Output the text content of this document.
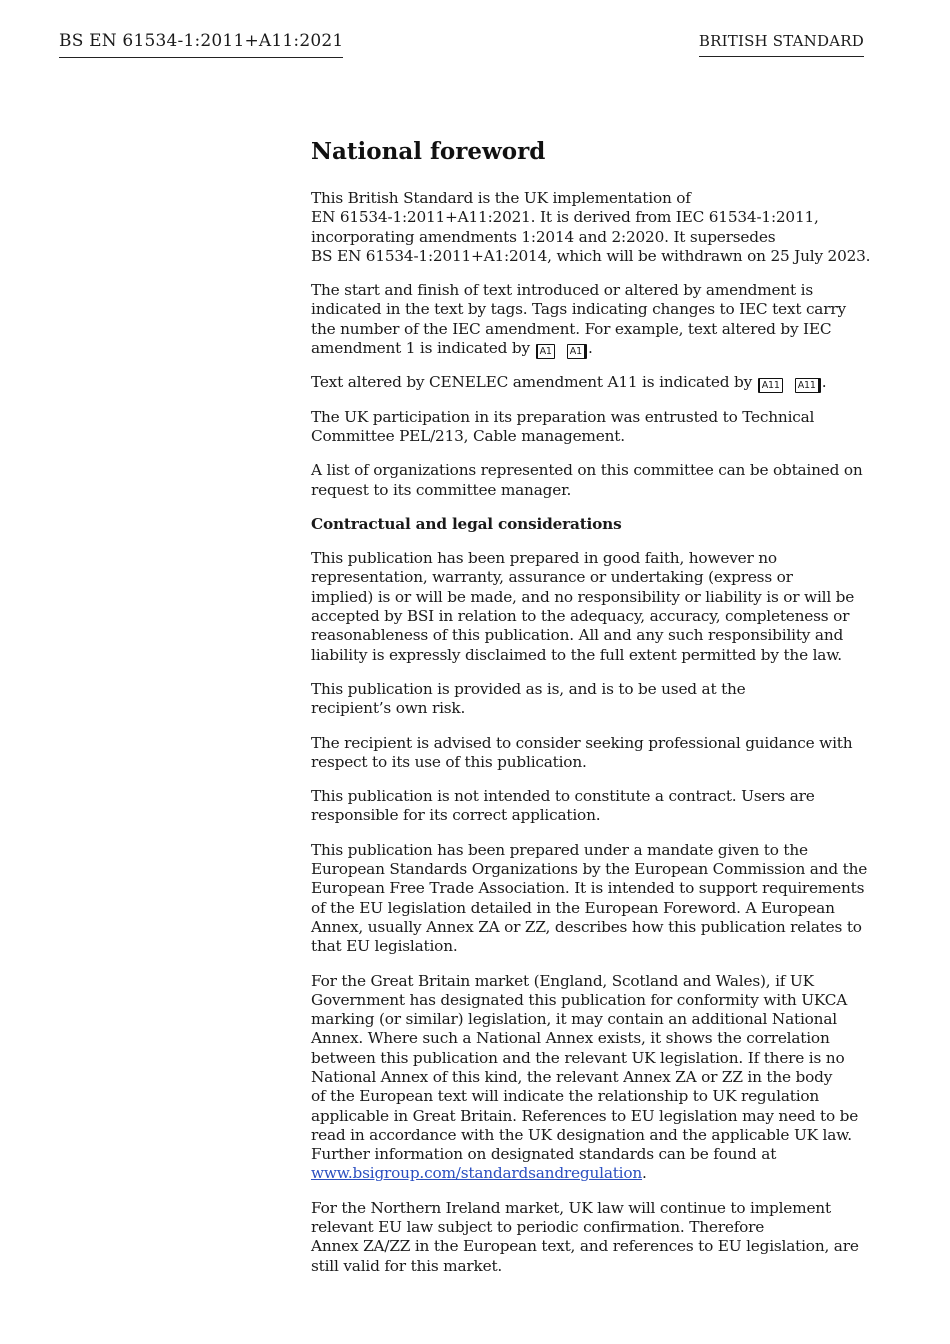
BS EN 61534-1:2011+A11:2021	BRITISH STANDARD
National foreword

This British Standard is the UK implementation of
EN 61534-1:2011+A11:2021. It is derived from IEC 61534-1:2011,
incorporating amendments 1:2014 and 2:2020. It supersedes
BS EN 61534-1:2011+A1:2014, which will be withdrawn on 25 July 2023.

The start and finish of text introduced or altered by amendment is
indicated in the text by tags. Tags indicating changes to IEC text carry
the number of the IEC amendment. For example, text altered by IEC
amendment 1 is indicated by A1 A1 .

Text altered by CENELEC amendment A11 is indicated by A11 A11 .

The UK participation in its preparation was entrusted to Technical
Committee PEL/213, Cable management.

A list of organizations represented on this committee can be obtained on
request to its committee manager.

Contractual and legal considerations

This publication has been prepared in good faith, however no
representation, warranty, assurance or undertaking (express or
implied) is or will be made, and no responsibility or liability is or will be
accepted by BSI in relation to the adequacy, accuracy, completeness or
reasonableness of this publication. All and any such responsibility and
liability is expressly disclaimed to the full extent permitted by the law.

This publication is provided as is, and is to be used at the
recipient’s own risk.

The recipient is advised to consider seeking professional guidance with
respect to its use of this publication.

This publication is not intended to constitute a contract. Users are
responsible for its correct application.

This publication has been prepared under a mandate given to the
European Standards Organizations by the European Commission and the
European Free Trade Association. It is intended to support requirements
of the EU legislation detailed in the European Foreword. A European
Annex, usually Annex ZA or ZZ, describes how this publication relates to
that EU legislation.

For the Great Britain market (England, Scotland and Wales), if UK
Government has designated this publication for conformity with UKCA
marking (or similar) legislation, it may contain an additional National
Annex. Where such a National Annex exists, it shows the correlation
between this publication and the relevant UK legislation. If there is no
National Annex of this kind, the relevant Annex ZA or ZZ in the body
of the European text will indicate the relationship to UK regulation
applicable in Great Britain. References to EU legislation may need to be
read in accordance with the UK designation and the applicable UK law.
Further information on designated standards can be found at
www.bsigroup.com/standardsandregulation.

For the Northern Ireland market, UK law will continue to implement
relevant EU law subject to periodic confirmation. Therefore
Annex ZA/ZZ in the European text, and references to EU legislation, are
still valid for this market.
